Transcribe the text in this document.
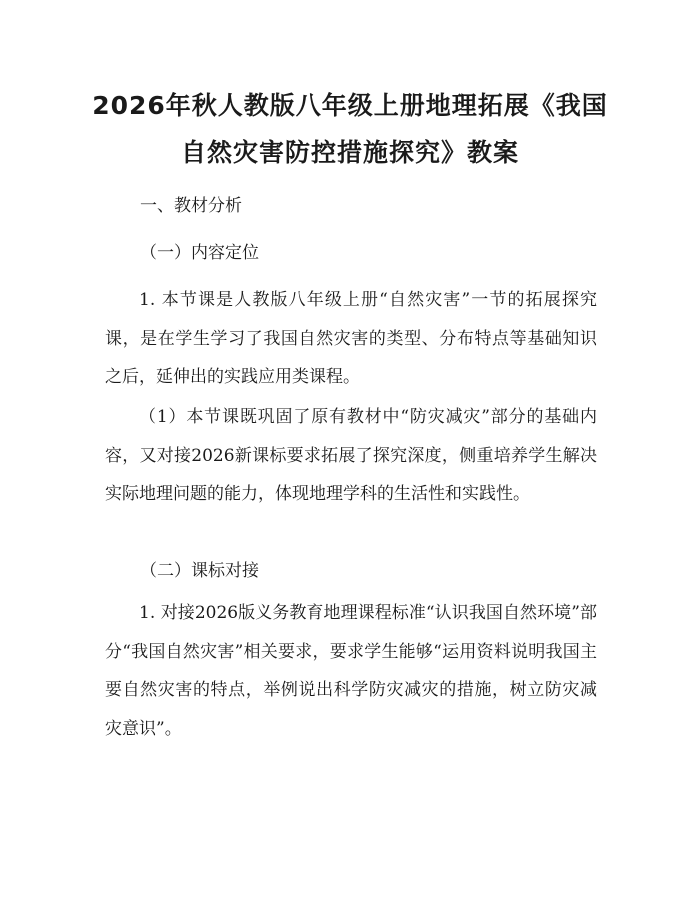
2026年秋人教版八年级上册地理拓展《我国
自然灾害防控措施探究》教案

一、教材分析

（一）内容定位

1. 本节课是人教版八年级上册“自然灾害”一节的拓展探究课，是在学生学习了我国自然灾害的类型、分布特点等基础知识之后，延伸出的实践应用类课程。

（1）本节课既巩固了原有教材中“防灾减灾”部分的基础内容，又对接2026新课标要求拓展了探究深度，侧重培养学生解决实际地理问题的能力，体现地理学科的生活性和实践性。

（二）课标对接

1. 对接2026版义务教育地理课程标准“认识我国自然环境”部分“我国自然灾害”相关要求，要求学生能够“运用资料说明我国主要自然灾害的特点，举例说出科学防灾减灾的措施，树立防灾减灾意识”。
